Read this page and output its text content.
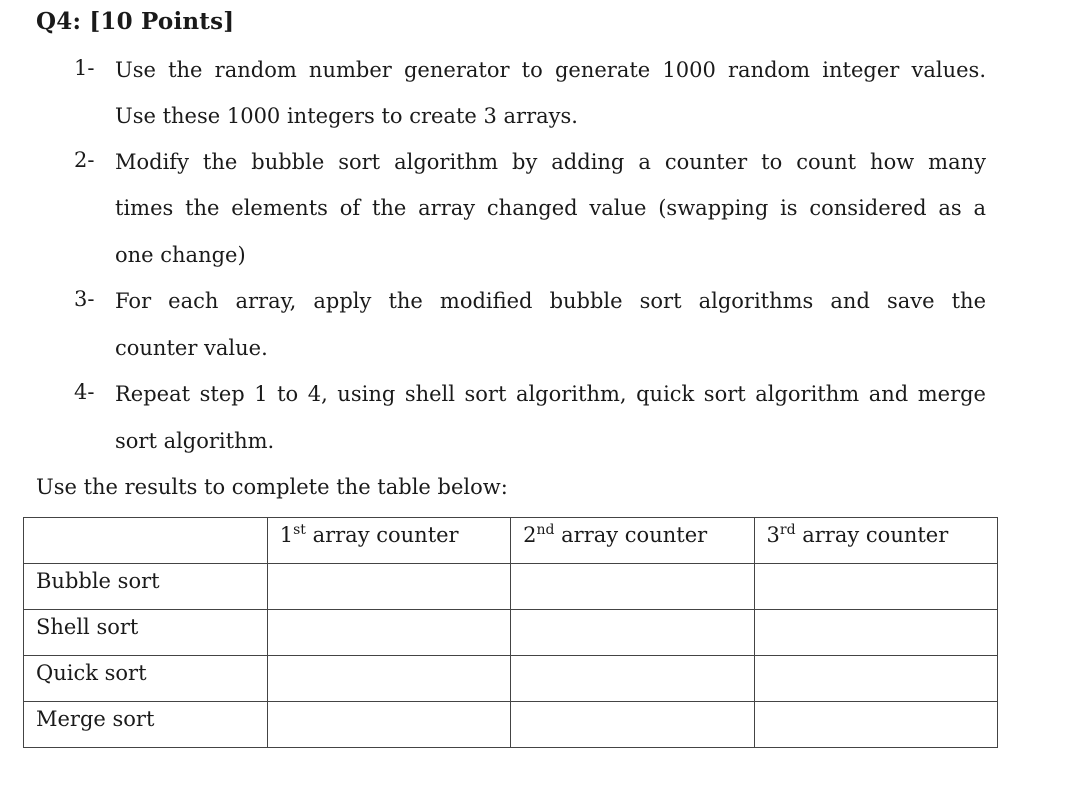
Q4: [10 Points]
1- Use the random number generator to generate 1000 random integer values.
Use these 1000 integers to create 3 arrays.
2- Modify the bubble sort algorithm by adding a counter to count how many
times the elements of the array changed value (swapping is considered as a
one change)
3- For each array, apply the modified bubble sort algorithms and save the
counter value.
4- Repeat step 1 to 4, using shell sort algorithm, quick sort algorithm and merge
sort algorithm.
Use the results to complete the table below:
	1st array counter	2nd array counter	3rd array counter
Bubble sort			
Shell sort			
Quick sort			
Merge sort			
